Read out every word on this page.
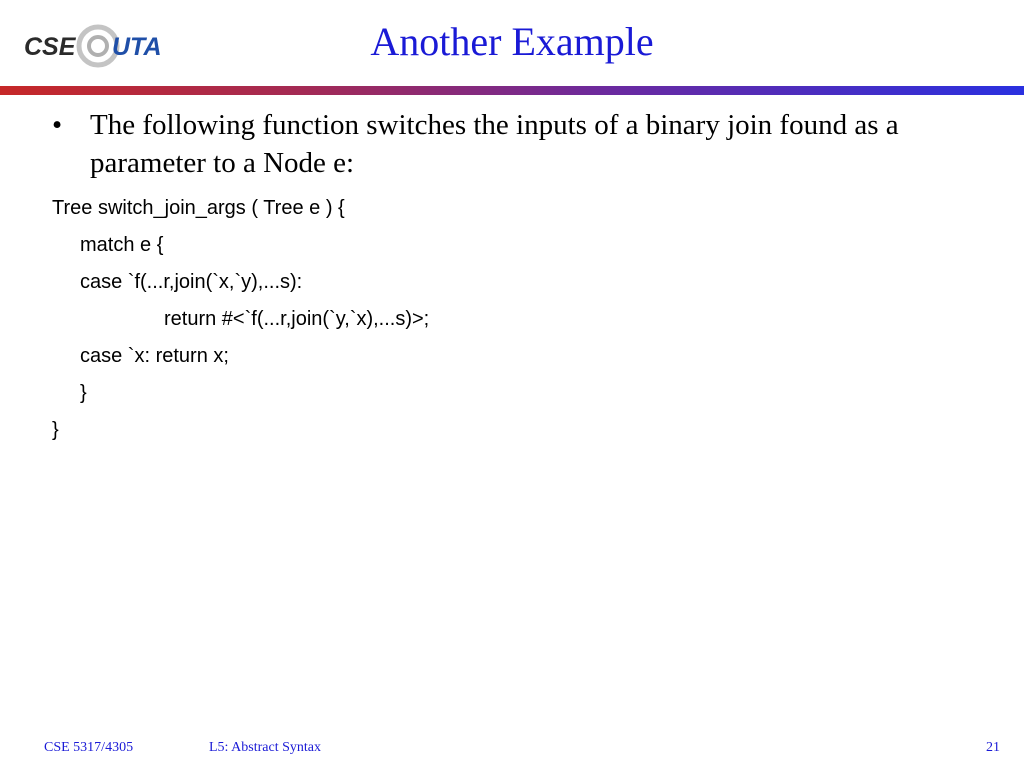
CSE UTA	Another Example
• The following function switches the inputs of a binary join found as a parameter to a Node e:
Tree switch_join_args ( Tree e ) {
match e {
case `f(...r,join(`x,`y),...s):
return #<`f(...r,join(`y,`x),...s)>;
case `x: return x;
}
}
CSE 5317/4305	L5: Abstract Syntax	21
